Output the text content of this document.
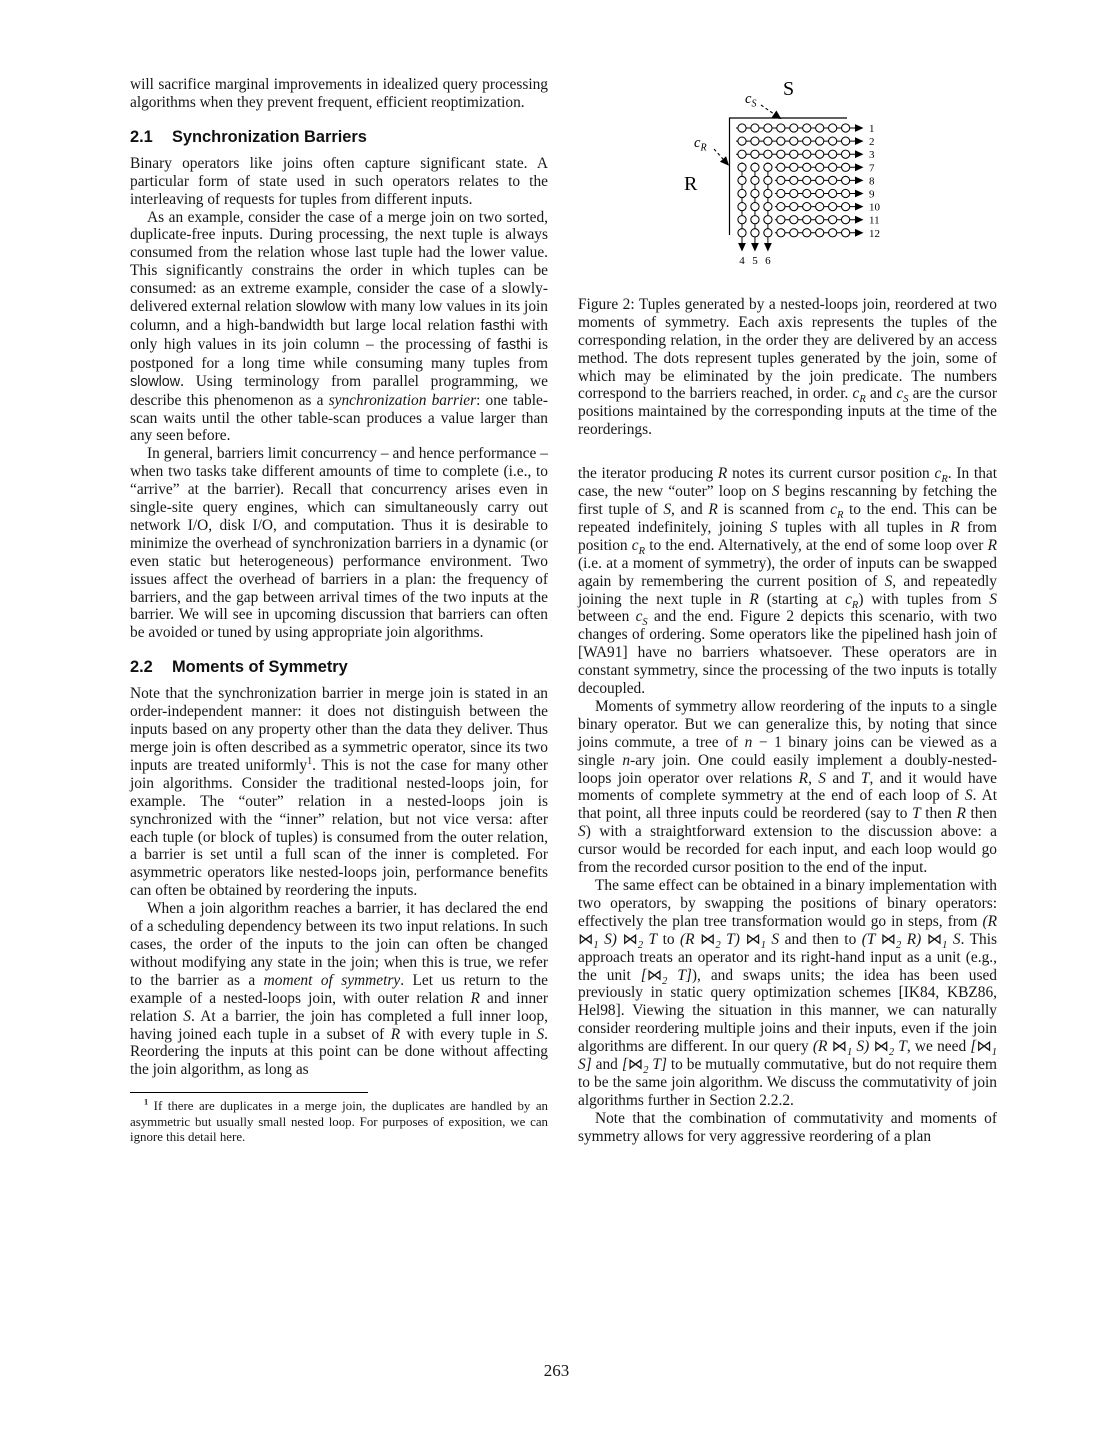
will sacrifice marginal improvements in idealized query processing algorithms when they prevent frequent, efficient reoptimization.

2.1	Synchronization Barriers

Binary operators like joins often capture significant state. A particular form of state used in such operators relates to the interleaving of requests for tuples from different inputs.

As an example, consider the case of a merge join on two sorted, duplicate-free inputs. During processing, the next tuple is always consumed from the relation whose last tuple had the lower value. This significantly constrains the order in which tuples can be consumed: as an extreme example, consider the case of a slowly-delivered external relation slowlow with many low values in its join column, and a high-bandwidth but large local relation fasthi with only high values in its join column – the processing of fasthi is postponed for a long time while consuming many tuples from slowlow. Using terminology from parallel programming, we describe this phenomenon as a synchronization barrier: one table-scan waits until the other table-scan produces a value larger than any seen before.

In general, barriers limit concurrency – and hence performance – when two tasks take different amounts of time to complete (i.e., to “arrive” at the barrier). Recall that concurrency arises even in single-site query engines, which can simultaneously carry out network I/O, disk I/O, and computation. Thus it is desirable to minimize the overhead of synchronization barriers in a dynamic (or even static but heterogeneous) performance environment. Two issues affect the overhead of barriers in a plan: the frequency of barriers, and the gap between arrival times of the two inputs at the barrier. We will see in upcoming discussion that barriers can often be avoided or tuned by using appropriate join algorithms.

2.2	Moments of Symmetry

Note that the synchronization barrier in merge join is stated in an order-independent manner: it does not distinguish between the inputs based on any property other than the data they deliver. Thus merge join is often described as a symmetric operator, since its two inputs are treated uniformly$^1$. This is not the case for many other join algorithms. Consider the traditional nested-loops join, for example. The “outer” relation in a nested-loops join is synchronized with the “inner” relation, but not vice versa: after each tuple (or block of tuples) is consumed from the outer relation, a barrier is set until a full scan of the inner is completed. For asymmetric operators like nested-loops join, performance benefits can often be obtained by reordering the inputs.

When a join algorithm reaches a barrier, it has declared the end of a scheduling dependency between its two input relations. In such cases, the order of the inputs to the join can often be changed without modifying any state in the join; when this is true, we refer to the barrier as a moment of symmetry. Let us return to the example of a nested-loops join, with outer relation R and inner relation S. At a barrier, the join has completed a full inner loop, having joined each tuple in a subset of R with every tuple in S. Reordering the inputs at this point can be done without affecting the join algorithm, as long as

$^1$ If there are duplicates in a merge join, the duplicates are handled by an asymmetric but usually small nested loop. For purposes of exposition, we can ignore this detail here.

1
2
3
7
8
9
10
11
12
4 5 6
S
R
$c_S$
$c_R$

Figure 2: Tuples generated by a nested-loops join, reordered at two moments of symmetry. Each axis represents the tuples of the corresponding relation, in the order they are delivered by an access method. The dots represent tuples generated by the join, some of which may be eliminated by the join predicate. The numbers correspond to the barriers reached, in order. $c_R$ and $c_S$ are the cursor positions maintained by the corresponding inputs at the time of the reorderings.

the iterator producing R notes its current cursor position $c_R$. In that case, the new “outer” loop on S begins rescanning by fetching the first tuple of S, and R is scanned from $c_R$ to the end. This can be repeated indefinitely, joining S tuples with all tuples in R from position $c_R$ to the end. Alternatively, at the end of some loop over R (i.e. at a moment of symmetry), the order of inputs can be swapped again by remembering the current position of S, and repeatedly joining the next tuple in R (starting at $c_R$) with tuples from S between $c_S$ and the end. Figure 2 depicts this scenario, with two changes of ordering. Some operators like the pipelined hash join of [WA91] have no barriers whatsoever. These operators are in constant symmetry, since the processing of the two inputs is totally decoupled.

Moments of symmetry allow reordering of the inputs to a single binary operator. But we can generalize this, by noting that since joins commute, a tree of n − 1 binary joins can be viewed as a single n-ary join. One could easily implement a doubly-nested-loops join operator over relations R, S and T, and it would have moments of complete symmetry at the end of each loop of S. At that point, all three inputs could be reordered (say to T then R then S) with a straightforward extension to the discussion above: a cursor would be recorded for each input, and each loop would go from the recorded cursor position to the end of the input.

The same effect can be obtained in a binary implementation with two operators, by swapping the positions of binary operators: effectively the plan tree transformation would go in steps, from (R $⋈_1$ S) $⋈_2$ T to (R $⋈_2$ T) $⋈_1$ S and then to (T $⋈_2$ R) $⋈_1$ S. This approach treats an operator and its right-hand input as a unit (e.g., the unit [$⋈_2$ T]), and swaps units; the idea has been used previously in static query optimization schemes [IK84, KBZ86, Hel98]. Viewing the situation in this manner, we can naturally consider reordering multiple joins and their inputs, even if the join algorithms are different. In our query (R $⋈_1$ S) $⋈_2$ T, we need [$⋈_1$ S] and [$⋈_2$ T] to be mutually commutative, but do not require them to be the same join algorithm. We discuss the commutativity of join algorithms further in Section 2.2.2.

Note that the combination of commutativity and moments of symmetry allows for very aggressive reordering of a plan

263
